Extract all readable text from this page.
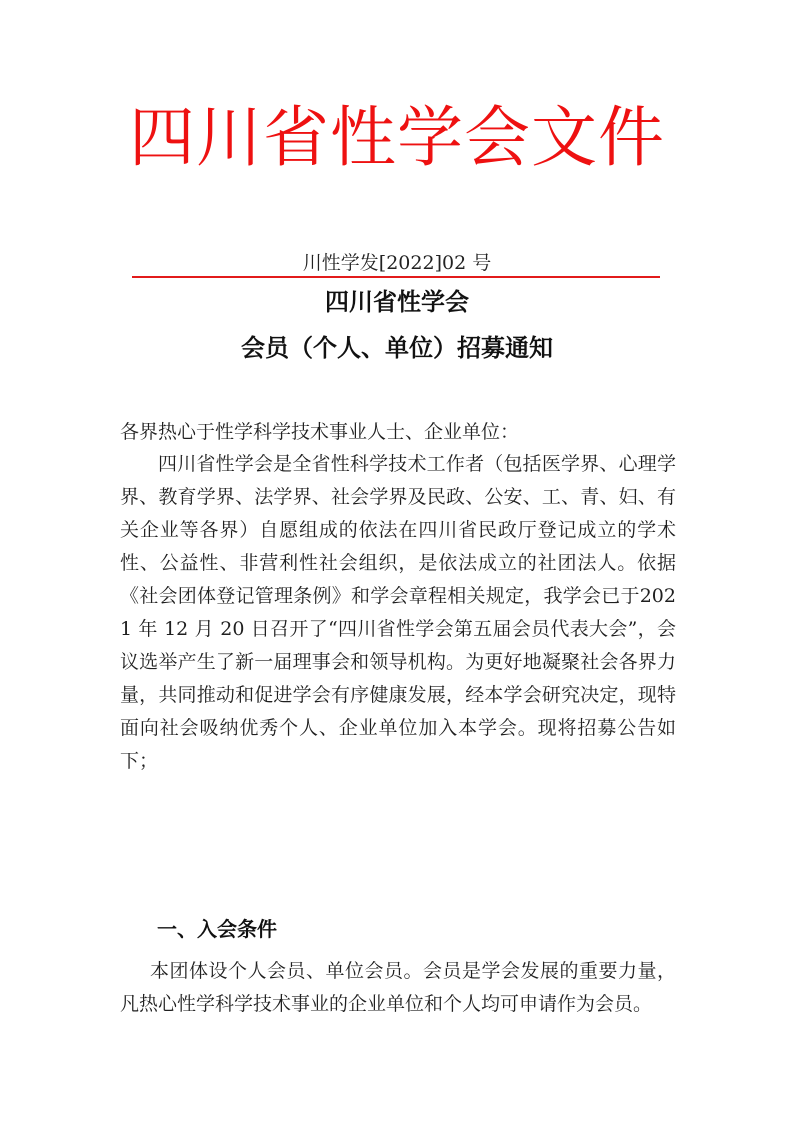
四川省性学会文件
川性学发[2022]02 号
四川省性学会
会员（个人、单位）招募通知
各界热心于性学科学技术事业人士、企业单位：
四川省性学会是全省性科学技术工作者（包括医学界、心理学界、教育学界、法学界、社会学界及民政、公安、工、青、妇、有关企业等各界）自愿组成的依法在四川省民政厅登记成立的学术性、公益性、非营利性社会组织，是依法成立的社团法人。依据《社会团体登记管理条例》和学会章程相关规定，我学会已于2021 年 12 月 20 日召开了“四川省性学会第五届会员代表大会”，会议选举产生了新一届理事会和领导机构。为更好地凝聚社会各界力量，共同推动和促进学会有序健康发展，经本学会研究决定，现特面向社会吸纳优秀个人、企业单位加入本学会。现将招募公告如下；
一、入会条件
本团体设个人会员、单位会员。会员是学会发展的重要力量，凡热心性学科学技术事业的企业单位和个人均可申请作为会员。
